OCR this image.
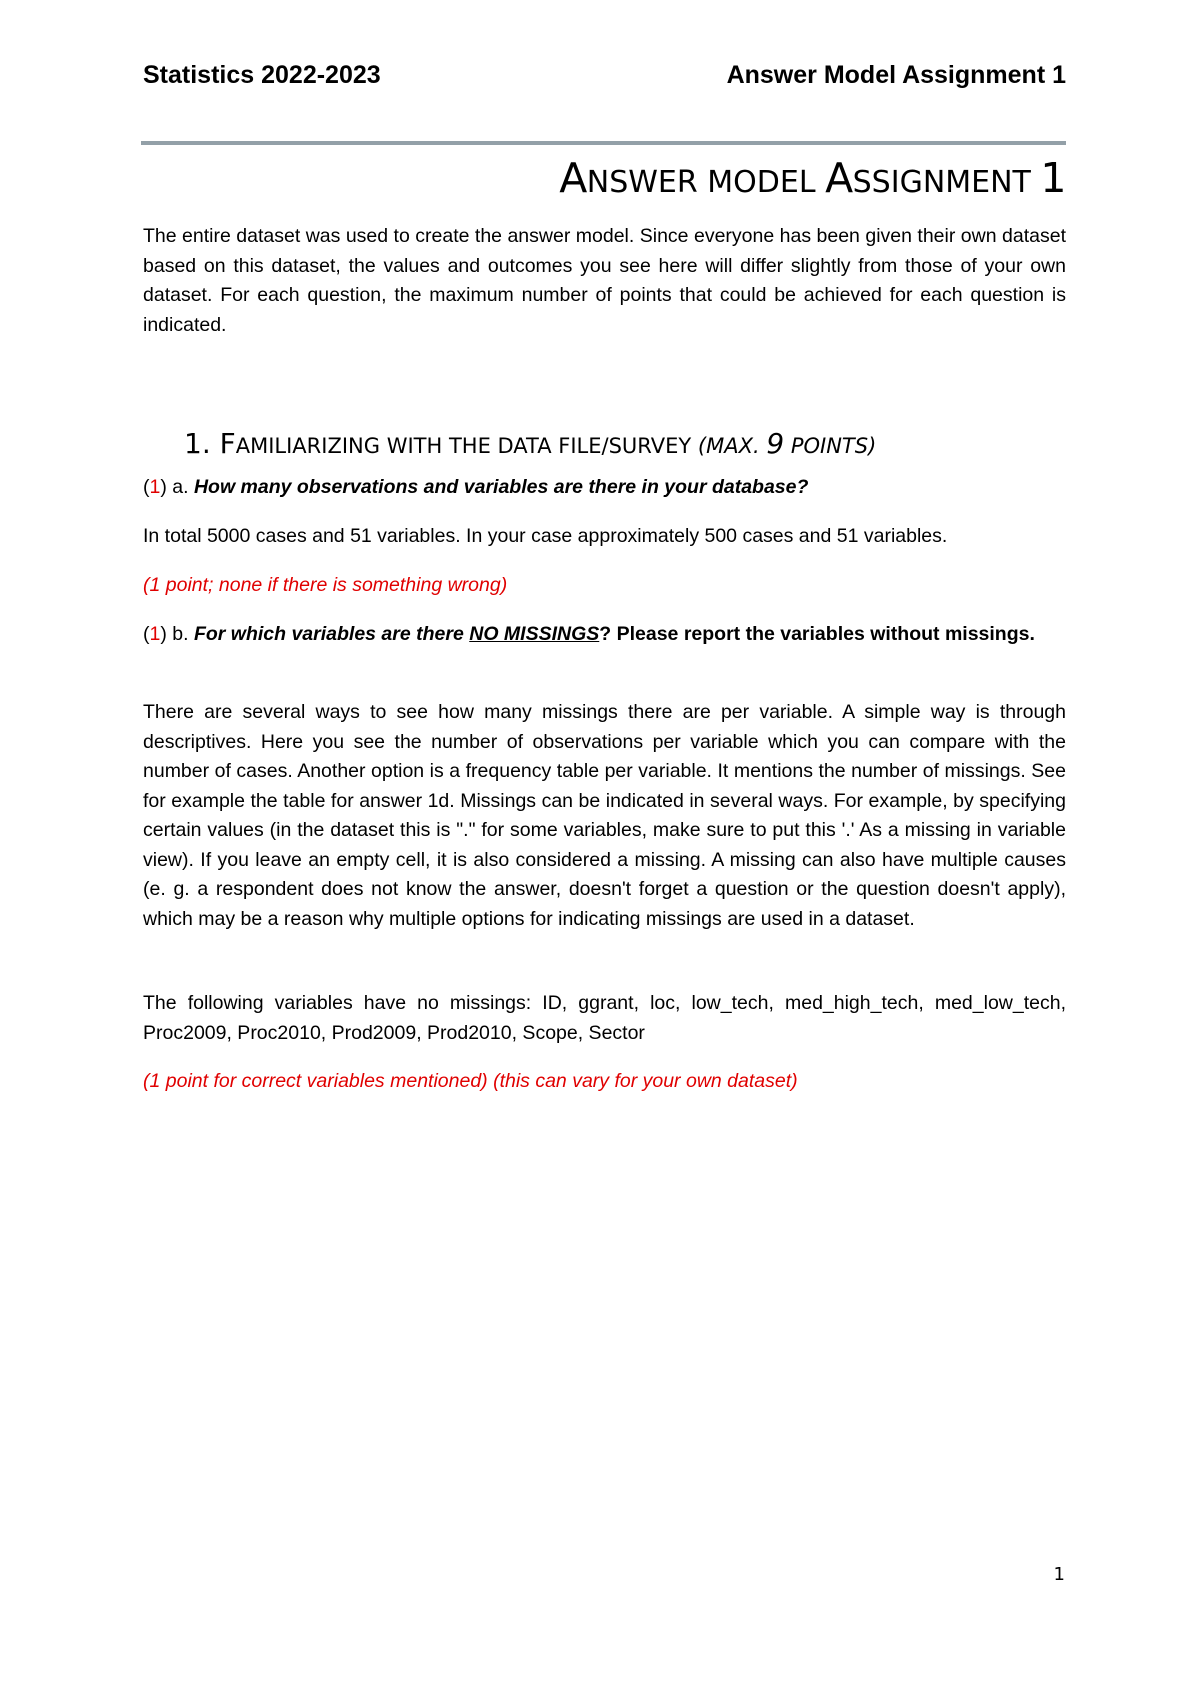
Statistics 2022-2023	Answer Model Assignment 1
ANSWER MODEL ASSIGNMENT 1
The entire dataset was used to create the answer model. Since everyone has been given their own dataset based on this dataset, the values and outcomes you see here will differ slightly from those of your own dataset. For each question, the maximum number of points that could be achieved for each question is indicated.
1. FAMILIARIZING WITH THE DATA FILE/SURVEY (MAX. 9 POINTS)
(1) a. How many observations and variables are there in your database?
In total 5000 cases and 51 variables. In your case approximately 500 cases and 51 variables.
(1 point; none if there is something wrong)
(1) b. For which variables are there NO MISSINGS? Please report the variables without missings.
There are several ways to see how many missings there are per variable. A simple way is through descriptives. Here you see the number of observations per variable which you can compare with the number of cases. Another option is a frequency table per variable. It mentions the number of missings. See for example the table for answer 1d. Missings can be indicated in several ways. For example, by specifying certain values (in the dataset this is "." for some variables, make sure to put this '.' As a missing in variable view). If you leave an empty cell, it is also considered a missing. A missing can also have multiple causes (e. g. a respondent does not know the answer, doesn't forget a question or the question doesn't apply), which may be a reason why multiple options for indicating missings are used in a dataset.
The following variables have no missings: ID, ggrant, loc, low_tech, med_high_tech, med_low_tech, Proc2009, Proc2010, Prod2009, Prod2010, Scope, Sector
(1 point for correct variables mentioned) (this can vary for your own dataset)
1
